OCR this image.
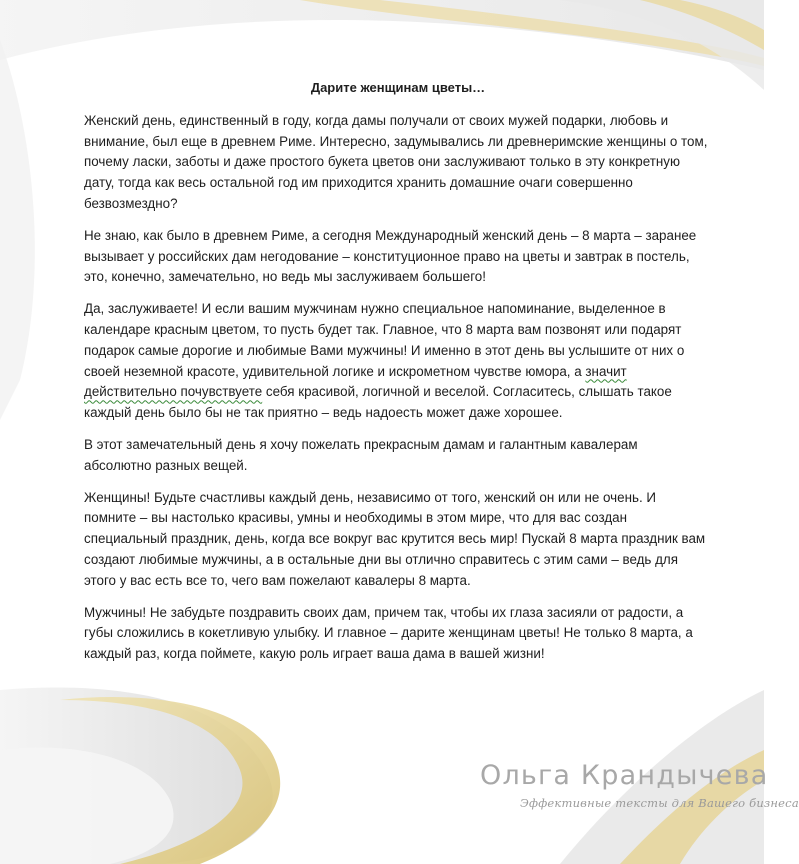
Дарите женщинам цветы…

Женский день, единственный в году, когда дамы получали от своих мужей подарки, любовь и внимание, был еще в древнем Риме. Интересно, задумывались ли древнеримские женщины о том, почему ласки, заботы и даже простого букета цветов они заслуживают только в эту конкретную дату, тогда как весь остальной год им приходится хранить домашние очаги совершенно безвозмездно?

Не знаю, как было в древнем Риме, а сегодня Международный женский день – 8 марта – заранее вызывает у российских дам негодование – конституционное право на цветы и завтрак в постель, это, конечно, замечательно, но ведь мы заслуживаем большего!

Да, заслуживаете! И если вашим мужчинам нужно специальное напоминание, выделенное в календаре красным цветом, то пусть будет так. Главное, что 8 марта вам позвонят или подарят подарок самые дорогие и любимые Вами мужчины! И именно в этот день вы услышите от них о своей неземной красоте, удивительной логике и искрометном чувстве юмора, а значит действительно почувствуете себя красивой, логичной и веселой. Согласитесь, слышать такое каждый день было бы не так приятно – ведь надоесть может даже хорошее.

В этот замечательный день я хочу пожелать прекрасным дамам и галантным кавалерам абсолютно разных вещей.

Женщины! Будьте счастливы каждый день, независимо от того, женский он или не очень. И помните – вы настолько красивы, умны и необходимы в этом мире, что для вас создан специальный праздник, день, когда все вокруг вас крутится весь мир! Пускай 8 марта праздник вам создают любимые мужчины, а в остальные дни вы отлично справитесь с этим сами – ведь для этого у вас есть все то, чего вам пожелают кавалеры 8 марта.

Мужчины! Не забудьте поздравить своих дам, причем так, чтобы их глаза засияли от радости, а губы сложились в кокетливую улыбку. И главное – дарите женщинам цветы! Не только 8 марта, а каждый раз, когда поймете, какую роль играет ваша дама в вашей жизни!

Ольга Крандычева
Эффективные тексты для Вашего бизнеса
